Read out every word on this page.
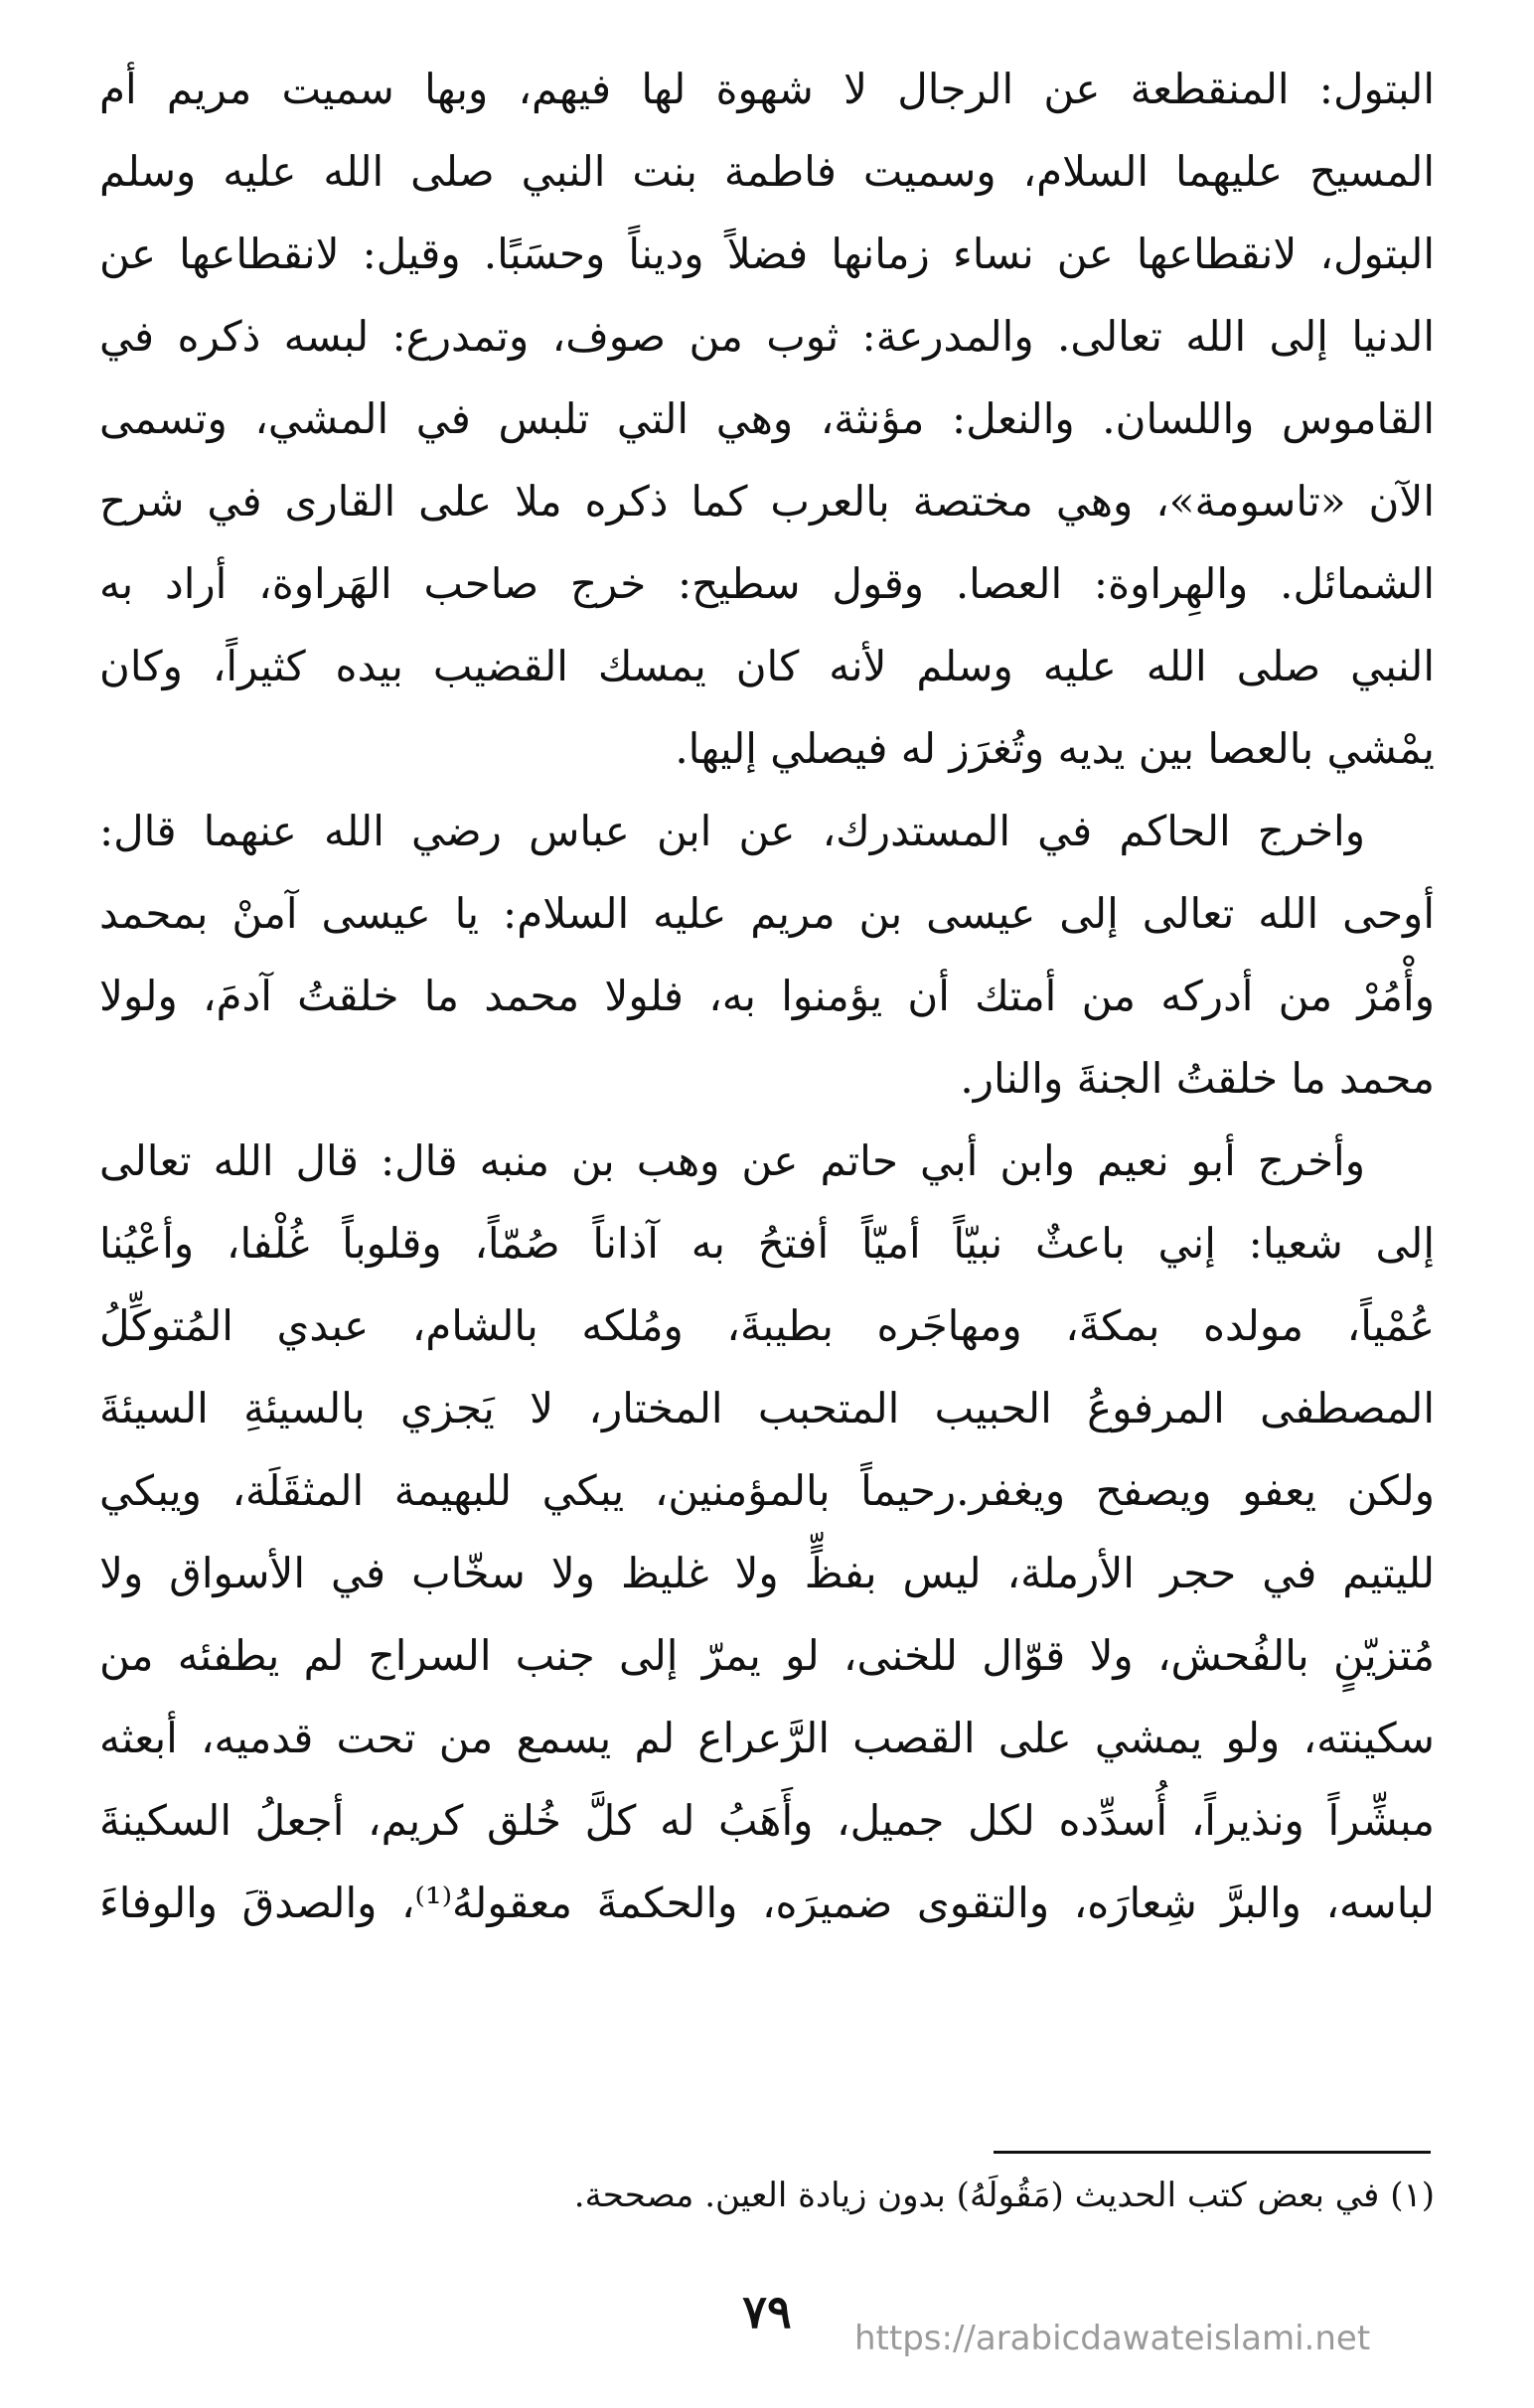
البتول: المنقطعة عن الرجال لا شهوة لها فيهم، وبها سميت مريم أم
المسيح عليهما السلام، وسميت فاطمة بنت النبي صلى الله عليه وسلم
البتول، لانقطاعها عن نساء زمانها فضلاً وديناً وحسَبًا. وقيل: لانقطاعها عن
الدنيا إلى الله تعالى. والمدرعة: ثوب من صوف، وتمدرع: لبسه ذكره في
القاموس واللسان. والنعل: مؤنثة، وهي التي تلبس في المشي، وتسمى
الآن «تاسومة»، وهي مختصة بالعرب كما ذكره ملا على القارى في شرح
الشمائل. والهِراوة: العصا. وقول سطيح: خرج صاحب الهَراوة، أراد به
النبي صلى الله عليه وسلم لأنه كان يمسك القضيب بيده كثيراً، وكان
يمْشي بالعصا بين يديه وتُغرَز له فيصلي إليها.
واخرج الحاكم في المستدرك، عن ابن عباس رضي الله عنهما قال:
أوحى الله تعالى إلى عيسى بن مريم عليه السلام: يا عيسى آمنْ بمحمد
وأْمُرْ من أدركه من أمتك أن يؤمنوا به، فلولا محمد ما خلقتُ آدمَ، ولولا
محمد ما خلقتُ الجنةَ والنار.
وأخرج أبو نعيم وابن أبي حاتم عن وهب بن منبه قال: قال الله تعالى
إلى شعيا: إني باعثٌ نبيّاً أميّاً أفتحُ به آذاناً صُمّاً، وقلوباً غُلْفا، وأعْيُنا
عُمْياً، مولده بمكةَ، ومهاجَره بطيبةَ، ومُلكه بالشام، عبدي المُتوكِّلُ
المصطفى المرفوعُ الحبيب المتحبب المختار، لا يَجزي بالسيئةِ السيئةَ
ولكن يعفو ويصفح ويغفر.رحيماً بالمؤمنين، يبكي للبهيمة المثقَلَة، ويبكي
لليتيم في حجر الأرملة، ليس بفظٍّ ولا غليظ ولا سخّاب في الأسواق ولا
مُتزيّنٍ بالفُحش، ولا قوّال للخنى، لو يمرّ إلى جنب السراج لم يطفئه من
سكينته، ولو يمشي على القصب الرَّعراع لم يسمع من تحت قدميه، أبعثه
مبشِّراً ونذيراً، أُسدِّده لكل جميل، وأَهَبُ له كلَّ خُلق كريم، أجعلُ السكينةَ
لباسه، والبرَّ شِعارَه، والتقوى ضميرَه، والحكمةَ معقولهُ⁽¹⁾، والصدقَ والوفاءَ
(١) في بعض كتب الحديث (مَقُولَهُ) بدون زيادة العين. مصححة.
٧٩	https://arabicdawateislami.net
